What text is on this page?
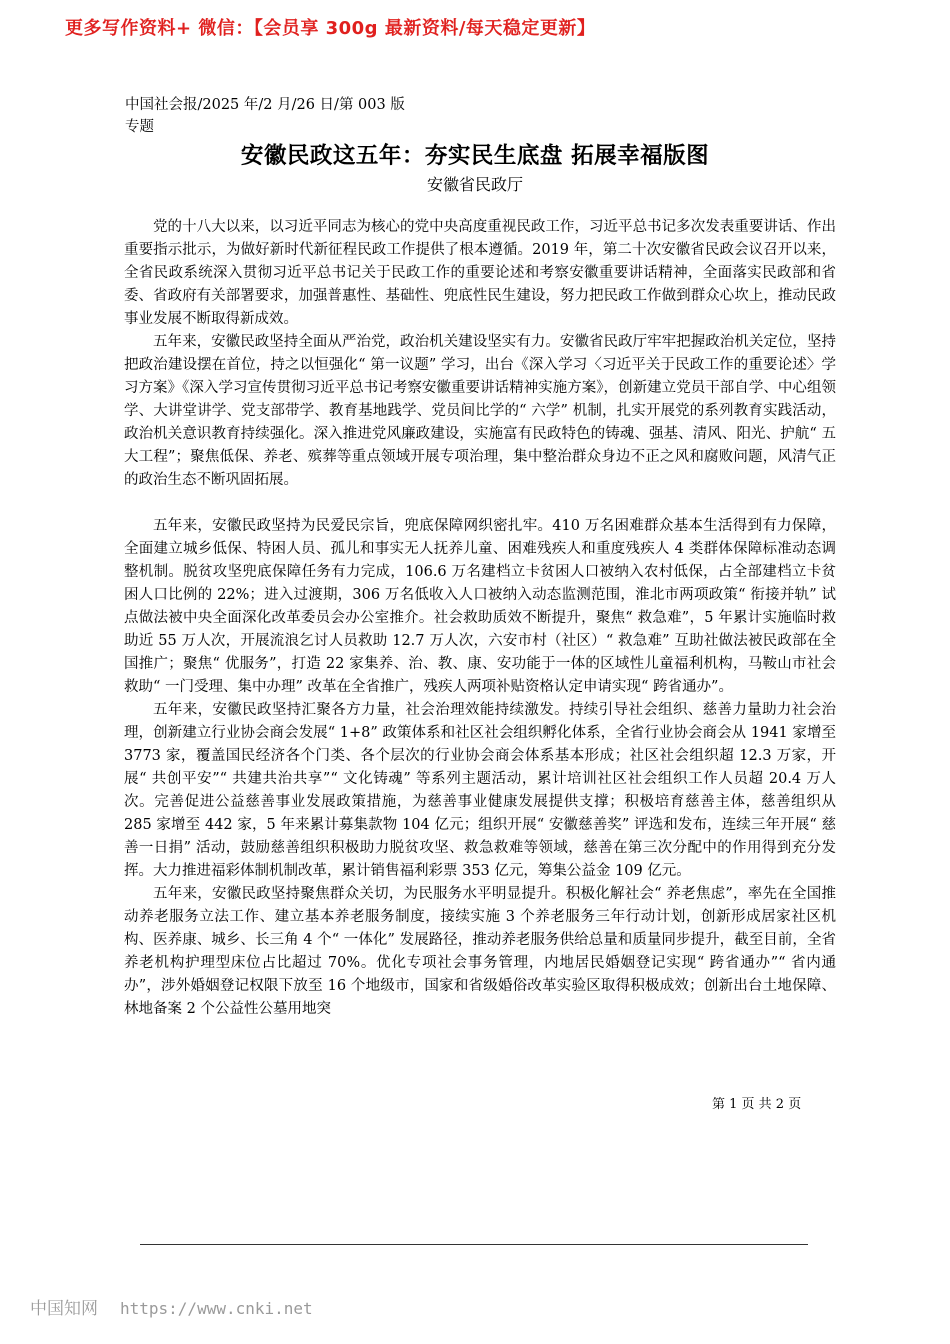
更多写作资料+ 微信：【会员享 300g 最新资料/每天稳定更新】
中国社会报/2025 年/2 月/26 日/第 003 版专题
安徽民政这五年：夯实民生底盘 拓展幸福版图
安徽省民政厅

党的十八大以来，以习近平同志为核心的党中央高度重视民政工作，习近平总书记多次发表重要讲话、作出重要指示批示，为做好新时代新征程民政工作提供了根本遵循。2019 年，第二十次安徽省民政会议召开以来，全省民政系统深入贯彻习近平总书记关于民政工作的重要论述和考察安徽重要讲话精神，全面落实民政部和省委、省政府有关部署要求，加强普惠性、基础性、兜底性民生建设，努力把民政工作做到群众心坎上，推动民政事业发展不断取得新成效。

五年来，安徽民政坚持全面从严治党，政治机关建设坚实有力。安徽省民政厅牢牢把握政治机关定位，坚持把政治建设摆在首位，持之以恒强化“ 第一议题” 学习，出台《深入学习〈习近平关于民政工作的重要论述〉学习方案》《深入学习宣传贯彻习近平总书记考察安徽重要讲话精神实施方案》，创新建立党员干部自学、中心组领学、大讲堂讲学、党支部带学、教育基地践学、党员间比学的“ 六学” 机制，扎实开展党的系列教育实践活动，政治机关意识教育持续强化。深入推进党风廉政建设，实施富有民政特色的铸魂、强基、清风、阳光、护航“ 五大工程”；聚焦低保、养老、殡葬等重点领域开展专项治理，集中整治群众身边不正之风和腐败问题，风清气正的政治生态不断巩固拓展。

五年来，安徽民政坚持为民爱民宗旨，兜底保障网织密扎牢。410 万名困难群众基本生活得到有力保障，全面建立城乡低保、特困人员、孤儿和事实无人抚养儿童、困难残疾人和重度残疾人 4 类群体保障标准动态调整机制。脱贫攻坚兜底保障任务有力完成，106.6 万名建档立卡贫困人口被纳入农村低保，占全部建档立卡贫困人口比例的 22%；进入过渡期，306 万名低收入人口被纳入动态监测范围，淮北市两项政策“ 衔接并轨” 试点做法被中央全面深化改革委员会办公室推介。社会救助质效不断提升，聚焦“ 救急难”，5 年累计实施临时救助近 55 万人次，开展流浪乞讨人员救助 12.7 万人次，六安市村（社区）“ 救急难” 互助社做法被民政部在全国推广；聚焦“ 优服务”，打造 22 家集养、治、教、康、安功能于一体的区域性儿童福利机构，马鞍山市社会救助“ 一门受理、集中办理” 改革在全省推广，残疾人两项补贴资格认定申请实现“ 跨省通办”。

五年来，安徽民政坚持汇聚各方力量，社会治理效能持续激发。持续引导社会组织、慈善力量助力社会治理，创新建立行业协会商会发展“ 1+8” 政策体系和社区社会组织孵化体系，全省行业协会商会从 1941 家增至 3773 家，覆盖国民经济各个门类、各个层次的行业协会商会体系基本形成；社区社会组织超 12.3 万家，开展“ 共创平安”“ 共建共治共享”“ 文化铸魂” 等系列主题活动，累计培训社区社会组织工作人员超 20.4 万人次。完善促进公益慈善事业发展政策措施，为慈善事业健康发展提供支撑；积极培育慈善主体，慈善组织从 285 家增至 442 家，5 年来累计募集款物 104 亿元；组织开展“ 安徽慈善奖” 评选和发布，连续三年开展“ 慈善一日捐” 活动，鼓励慈善组织积极助力脱贫攻坚、救急救难等领域，慈善在第三次分配中的作用得到充分发挥。大力推进福彩体制机制改革，累计销售福利彩票 353 亿元，筹集公益金 109 亿元。

五年来，安徽民政坚持聚焦群众关切，为民服务水平明显提升。积极化解社会“ 养老焦虑”，率先在全国推动养老服务立法工作、建立基本养老服务制度，接续实施 3 个养老服务三年行动计划，创新形成居家社区机构、医养康、城乡、长三角 4 个“ 一体化” 发展路径，推动养老服务供给总量和质量同步提升，截至目前，全省养老机构护理型床位占比超过 70%。优化专项社会事务管理，内地居民婚姻登记实现“ 跨省通办”“ 省内通办”，涉外婚姻登记权限下放至 16 个地级市，国家和省级婚俗改革实验区取得积极成效；创新出台土地保障、林地备案 2 个公益性公墓用地突

第 1 页 共 2 页
中国知网 https://www.cnki.net
